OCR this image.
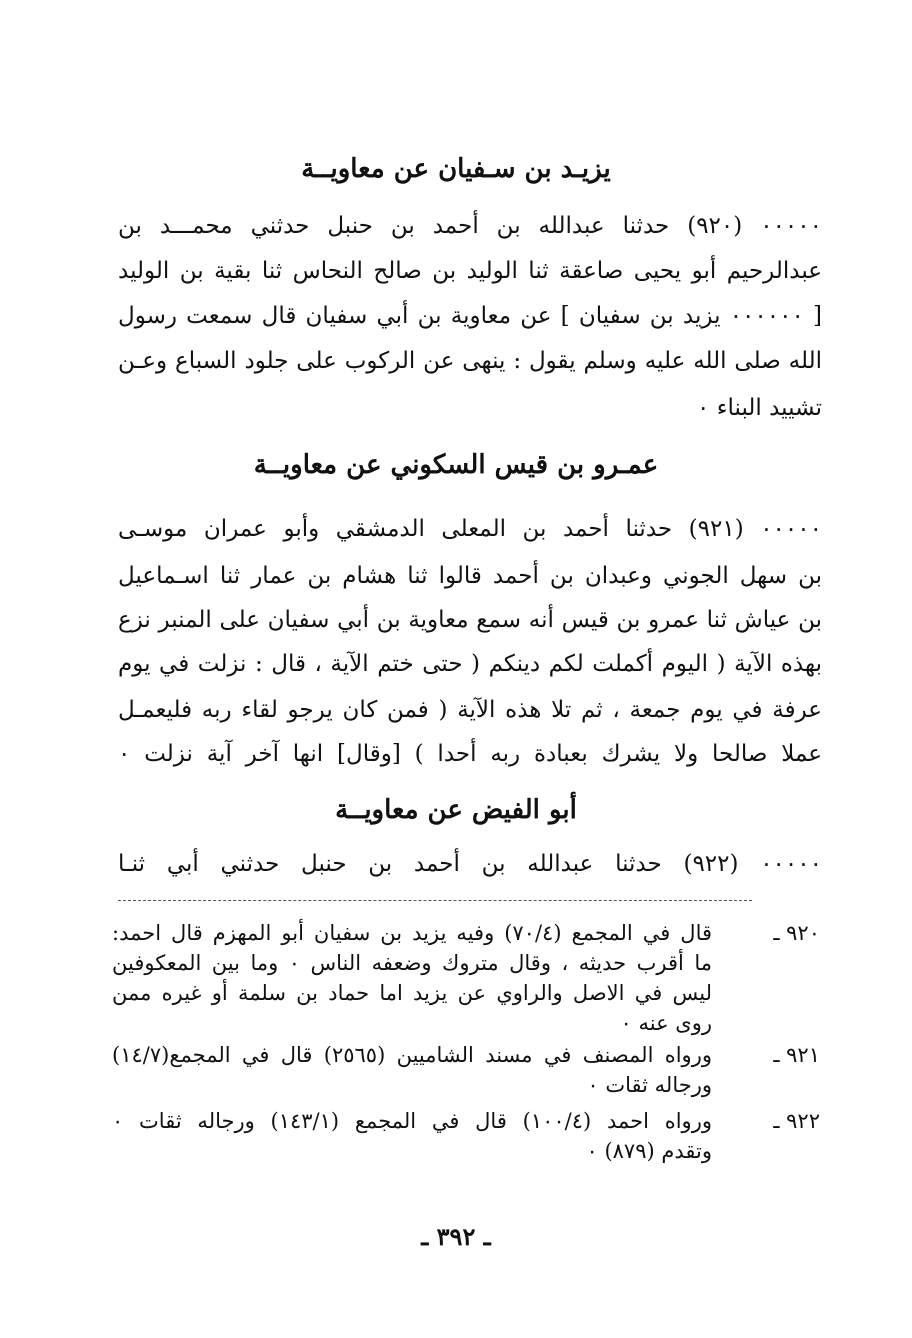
يزيـد بن سـفيان عن معاويــة
٠٠٠٠٠ (٩٢٠) حدثنا عبدالله بن أحمد بن حنبل حدثني محمـــد بن
عبدالرحيم أبو يحيى صاعقة ثنا الوليد بن صالح النحاس ثنا بقية بن الوليد
[ ٠٠٠٠٠٠ يزيد بن سفيان ] عن معاوية بن أبي سفيان قال سمعت رسول
الله صلى الله عليه وسلم يقول : ينهى عن الركوب على جلود السباع وعـن
تشييد البناء ٠
عمـرو بن قيس السكوني عن معاويــة
٠٠٠٠٠ (٩٢١) حدثنا أحمد بن المعلى الدمشقي وأبو عمران موسـى
بن سهل الجوني وعبدان بن أحمد قالوا ثنا هشام بن عمار ثنا اسـماعيل
بن عياش ثنا عمرو بن قيس أنه سمع معاوية بن أبي سفيان على المنبر نزع
بهذه الآية ( اليوم أكملت لكم دينكم ( حتى ختم الآية ، قال : نزلت في يوم
عرفة في يوم جمعة ، ثم تلا هذه الآية ( فمن كان يرجو لقاء ربه فليعمـل
عملا صالحا ولا يشرك بعبادة ربه أحدا ) [وقال] انها آخر آية نزلت ٠
أبو الفيض عن معاويــة
٠٠٠٠٠ (٩٢٢) حدثنا عبدالله بن أحمد بن حنبل حدثني أبي ثنـا
٩٢٠ ـ
قال في المجمع (٧٠/٤) وفيه يزيد بن سفيان أبو المهزم قال احمد:
ما أقرب حديثه ، وقال متروك وضعفه الناس ٠ وما بين المعكوفين
ليس في الاصل والراوي عن يزيد اما حماد بن سلمة أو غيره ممن
روى عنه ٠
٩٢١ ـ
ورواه المصنف في مسند الشاميين (٢٥٦٥) قال في المجمع(١٤/٧)
ورجاله ثقات ٠
٩٢٢ ـ
ورواه احمد (١٠٠/٤) قال في المجمع (١٤٣/١) ورجاله ثقات ٠
وتقدم (٨٧٩) ٠
ـ ٣٩٢ ـ
